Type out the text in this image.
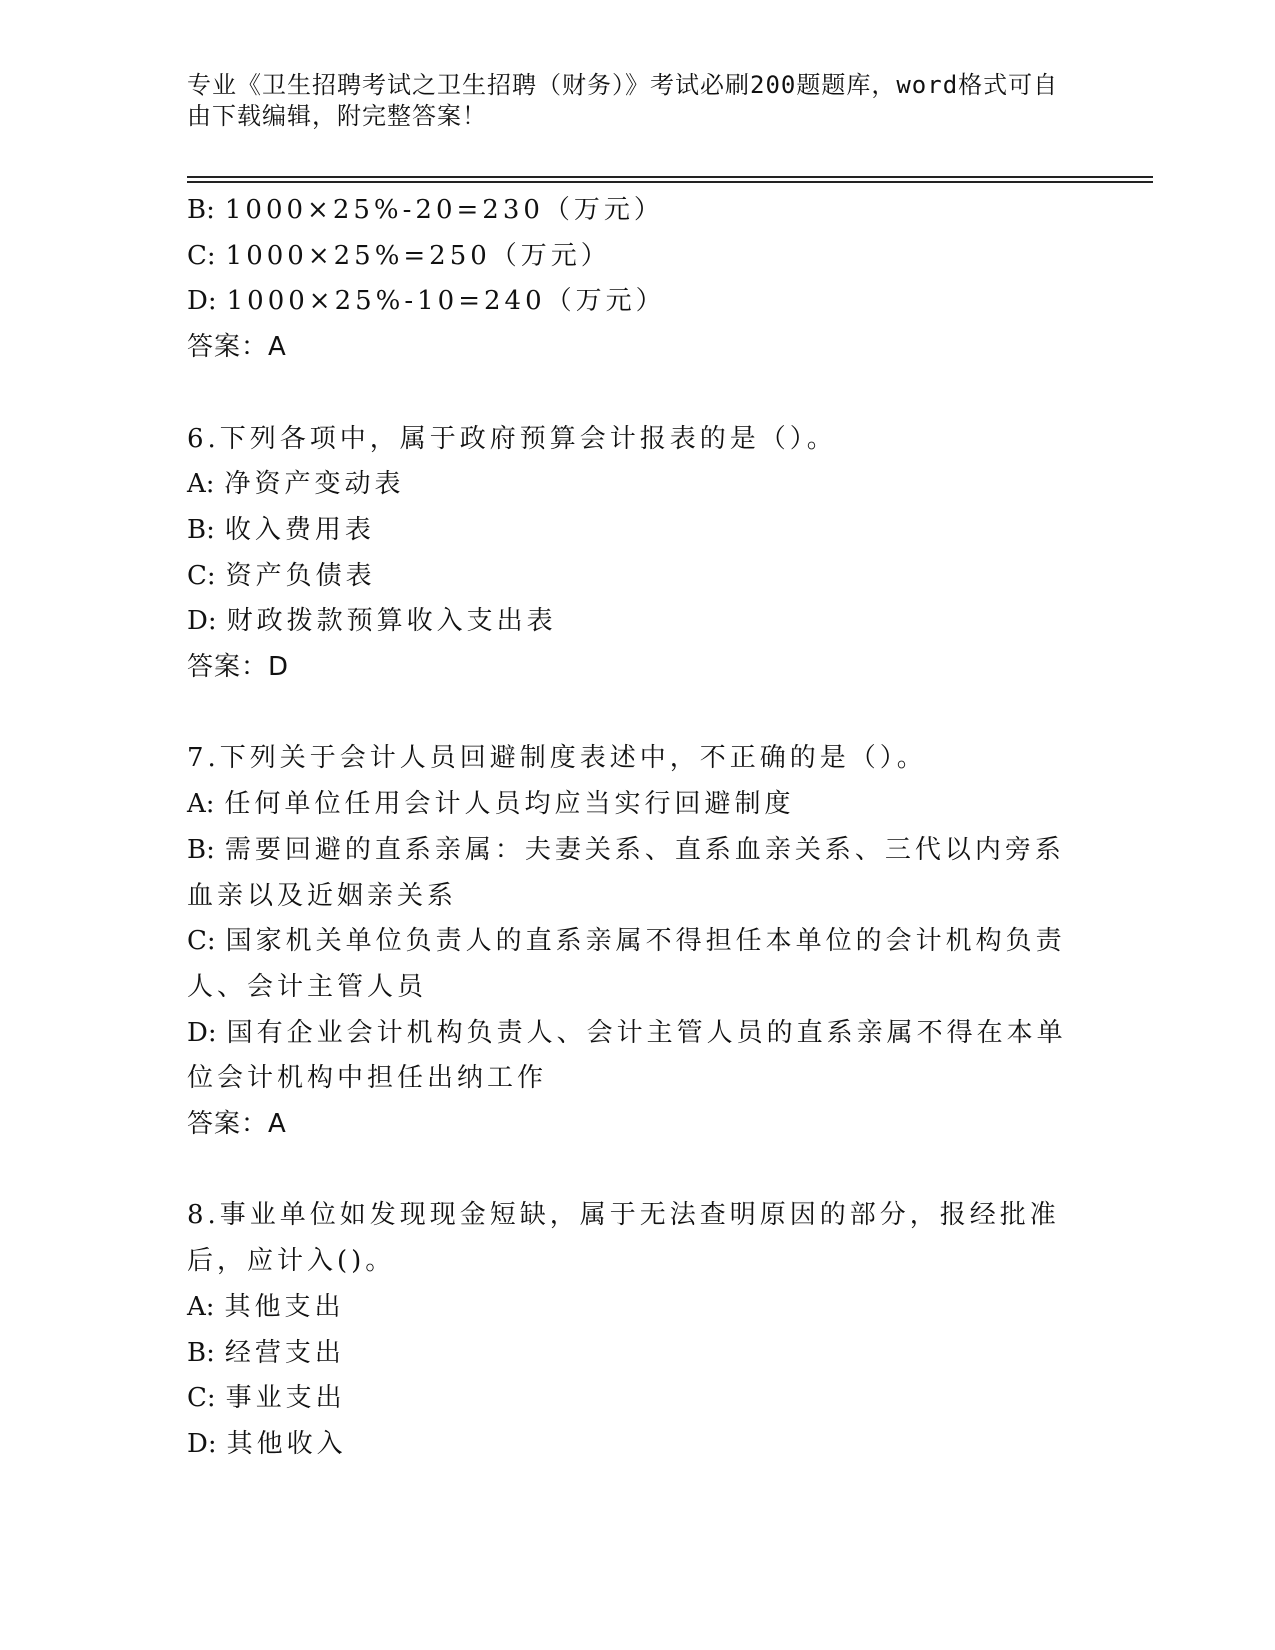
专业《卫生招聘考试之卫生招聘（财务）》考试必刷200题题库，word格式可自由下载编辑，附完整答案！

B: 1000×25%-20=230（万元）

C: 1000×25%=250（万元）

D: 1000×25%-10=240（万元）

答案：A

6.下列各项中，属于政府预算会计报表的是（）。

A: 净资产变动表

B: 收入费用表

C: 资产负债表

D: 财政拨款预算收入支出表

答案：D

7.下列关于会计人员回避制度表述中，不正确的是（）。

A: 任何单位任用会计人员均应当实行回避制度

B: 需要回避的直系亲属：夫妻关系、直系血亲关系、三代以内旁系血亲以及近姻亲关系

C: 国家机关单位负责人的直系亲属不得担任本单位的会计机构负责人、会计主管人员

D: 国有企业会计机构负责人、会计主管人员的直系亲属不得在本单位会计机构中担任出纳工作

答案：A

8.事业单位如发现现金短缺，属于无法查明原因的部分，报经批准后，应计入()。

A: 其他支出

B: 经营支出

C: 事业支出

D: 其他收入
